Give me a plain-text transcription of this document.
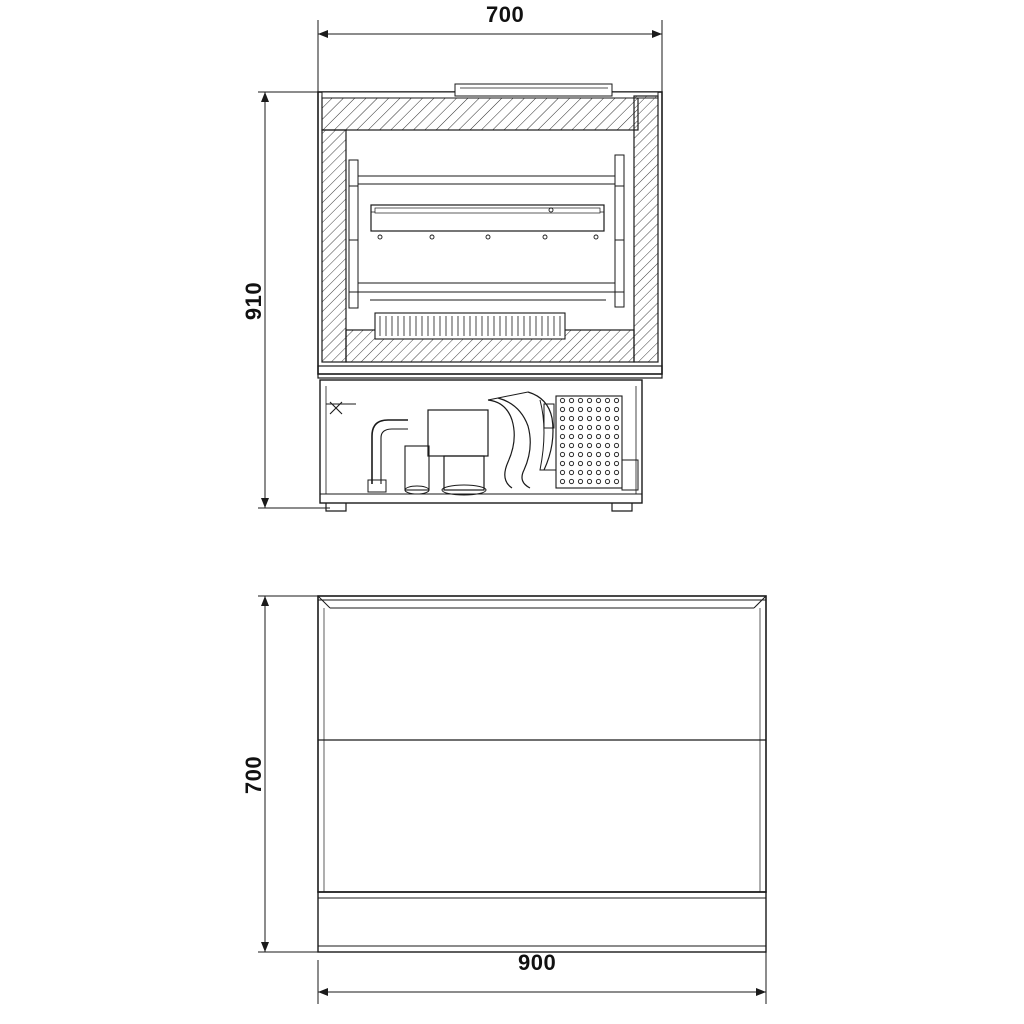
700
910
700
900
